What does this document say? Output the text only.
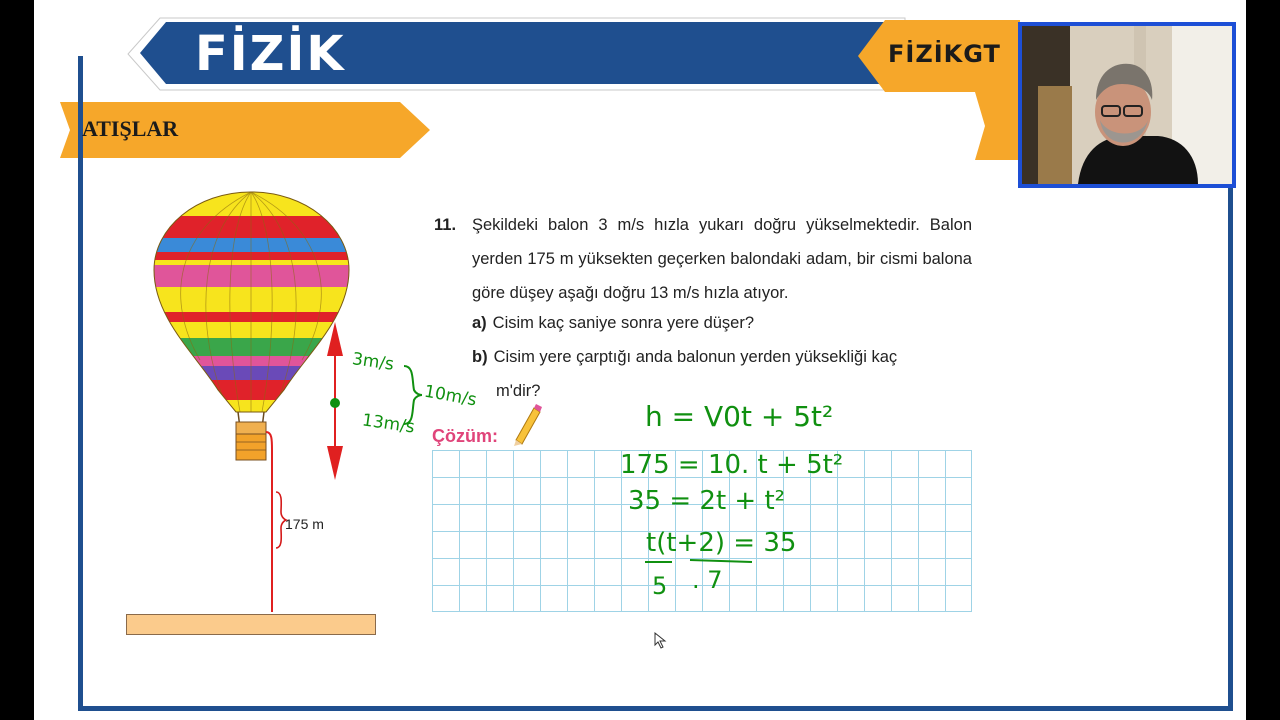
FİZİK	FİZİKGT
ATIŞLAR
175 m
11. Şekildeki balon 3 m/s hızla yukarı doğru yükselmektedir. Balon yerden 175 m yüksekten geçerken balondaki adam, bir cismi balona göre düşey aşağı doğru 13 m/s hızla atıyor.
a) Cisim kaç saniye sonra yere düşer?
b) Cisim yere çarptığı anda balonun yerden yüksekliği kaç
m'dir?
Çözüm:
3m/s
13m/s
10m/s
h = V0t + 5t²
175 = 10. t + 5t²
35 = 2t + t²
t(t+2) = 35
5 . 7
